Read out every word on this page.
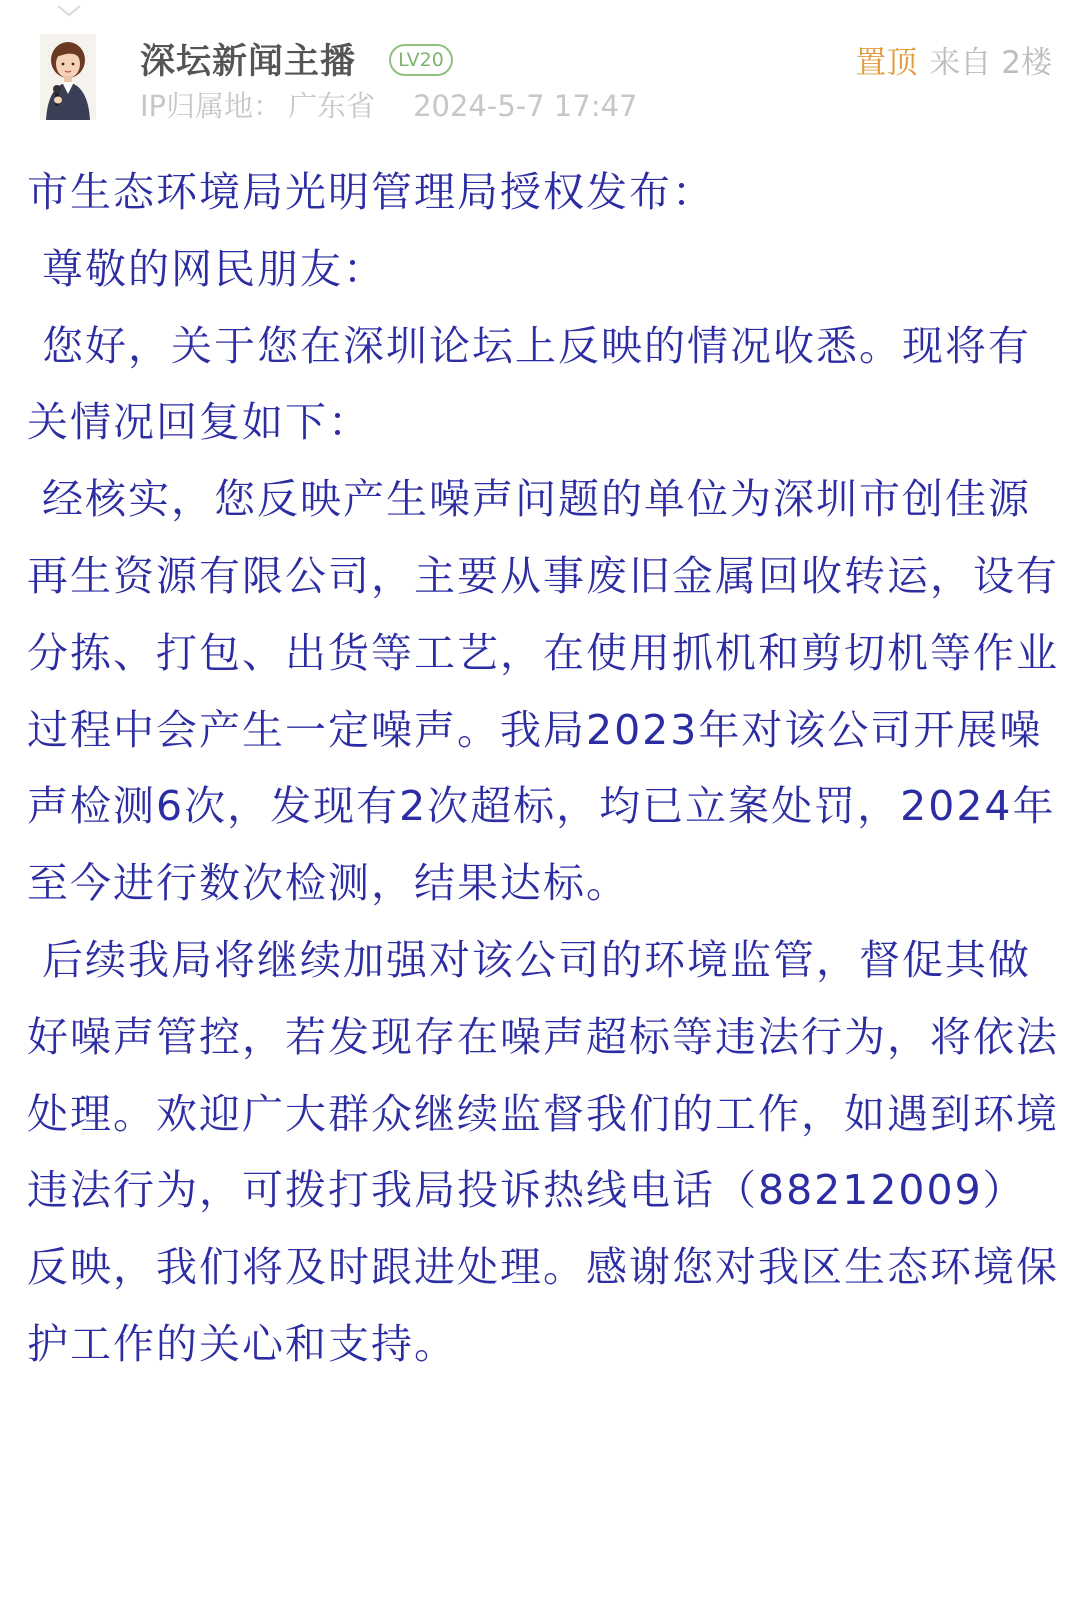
深坛新闻主播	LV20
IP归属地： 广东省 2024-5-7 17:47
置顶 来自 2楼

市生态环境局光明管理局授权发布：

尊敬的网民朋友：

您好，关于您在深圳论坛上反映的情况收悉。现将有关情况回复如下：

经核实，您反映产生噪声问题的单位为深圳市创佳源再生资源有限公司，主要从事废旧金属回收转运，设有分拣、打包、出货等工艺，在使用抓机和剪切机等作业过程中会产生一定噪声。我局2023年对该公司开展噪声检测6次，发现有2次超标，均已立案处罚，2024年至今进行数次检测，结果达标。

后续我局将继续加强对该公司的环境监管，督促其做好噪声管控，若发现存在噪声超标等违法行为，将依法处理。欢迎广大群众继续监督我们的工作，如遇到环境违法行为，可拨打我局投诉热线电话（88212009）反映，我们将及时跟进处理。感谢您对我区生态环境保护工作的关心和支持。
